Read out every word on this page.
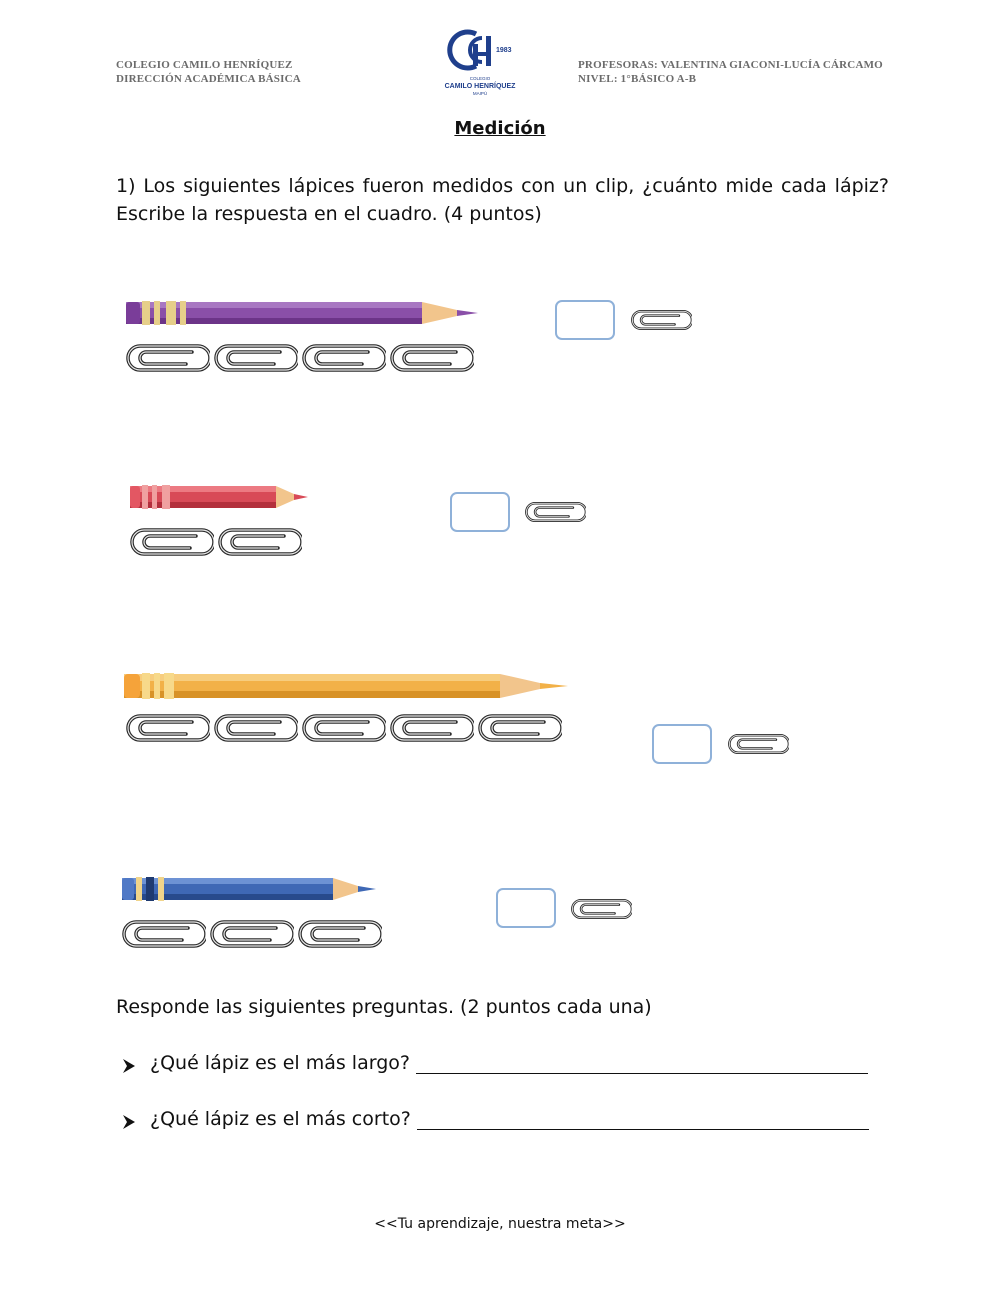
COLEGIO CAMILO HENRÍQUEZ
DIRECCIÓN ACADÉMICA BÁSICA
1983
COLEGIO
CAMILO HENRÍQUEZ
MAIPÚ
PROFESORAS: VALENTINA GIACONI-LUCÍA CÁRCAMO
NIVEL: 1°BÁSICO A-B
Medición
1) Los siguientes lápices fueron medidos con un clip, ¿cuánto mide cada lápiz? Escribe la respuesta en el cuadro. (4 puntos)
Responde las siguientes preguntas. (2 puntos cada una)
¿Qué lápiz es el más largo?
¿Qué lápiz es el más corto?
<<Tu aprendizaje, nuestra meta>>
